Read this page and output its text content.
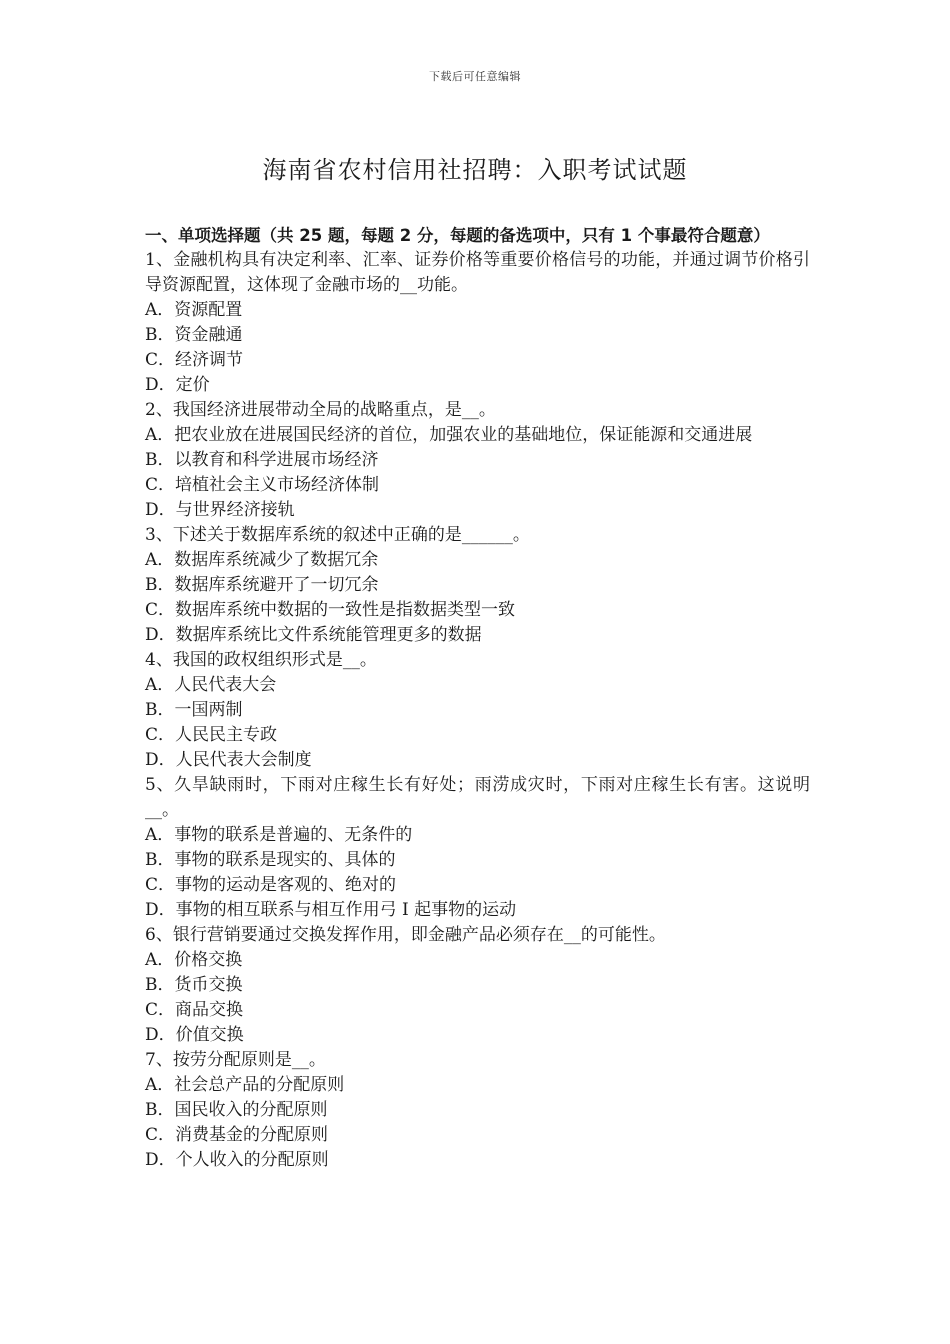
下载后可任意编辑
海南省农村信用社招聘：入职考试试题
一、单项选择题（共 25 题，每题 2 分，每题的备选项中，只有 1 个事最符合题意）
1、金融机构具有决定利率、汇率、证券价格等重要价格信号的功能，并通过调节价格引导资源配置，这体现了金融市场的__功能。
A．资源配置
B．资金融通
C．经济调节
D．定价
2、我国经济进展带动全局的战略重点，是__。
A．把农业放在进展国民经济的首位，加强农业的基础地位，保证能源和交通进展
B．以教育和科学进展市场经济
C．培植社会主义市场经济体制
D．与世界经济接轨
3、下述关于数据库系统的叙述中正确的是______。
A．数据库系统减少了数据冗余
B．数据库系统避开了一切冗余
C．数据库系统中数据的一致性是指数据类型一致
D．数据库系统比文件系统能管理更多的数据
4、我国的政权组织形式是__。
A．人民代表大会
B．一国两制
C．人民民主专政
D．人民代表大会制度
5、久旱缺雨时，下雨对庄稼生长有好处；雨涝成灾时，下雨对庄稼生长有害。这说明__。
A．事物的联系是普遍的、无条件的
B．事物的联系是现实的、具体的
C．事物的运动是客观的、绝对的
D．事物的相互联系与相互作用弓 I 起事物的运动
6、银行营销要通过交换发挥作用，即金融产品必须存在__的可能性。
A．价格交换
B．货币交换
C．商品交换
D．价值交换
7、按劳分配原则是__。
A．社会总产品的分配原则
B．国民收入的分配原则
C．消费基金的分配原则
D．个人收入的分配原则
